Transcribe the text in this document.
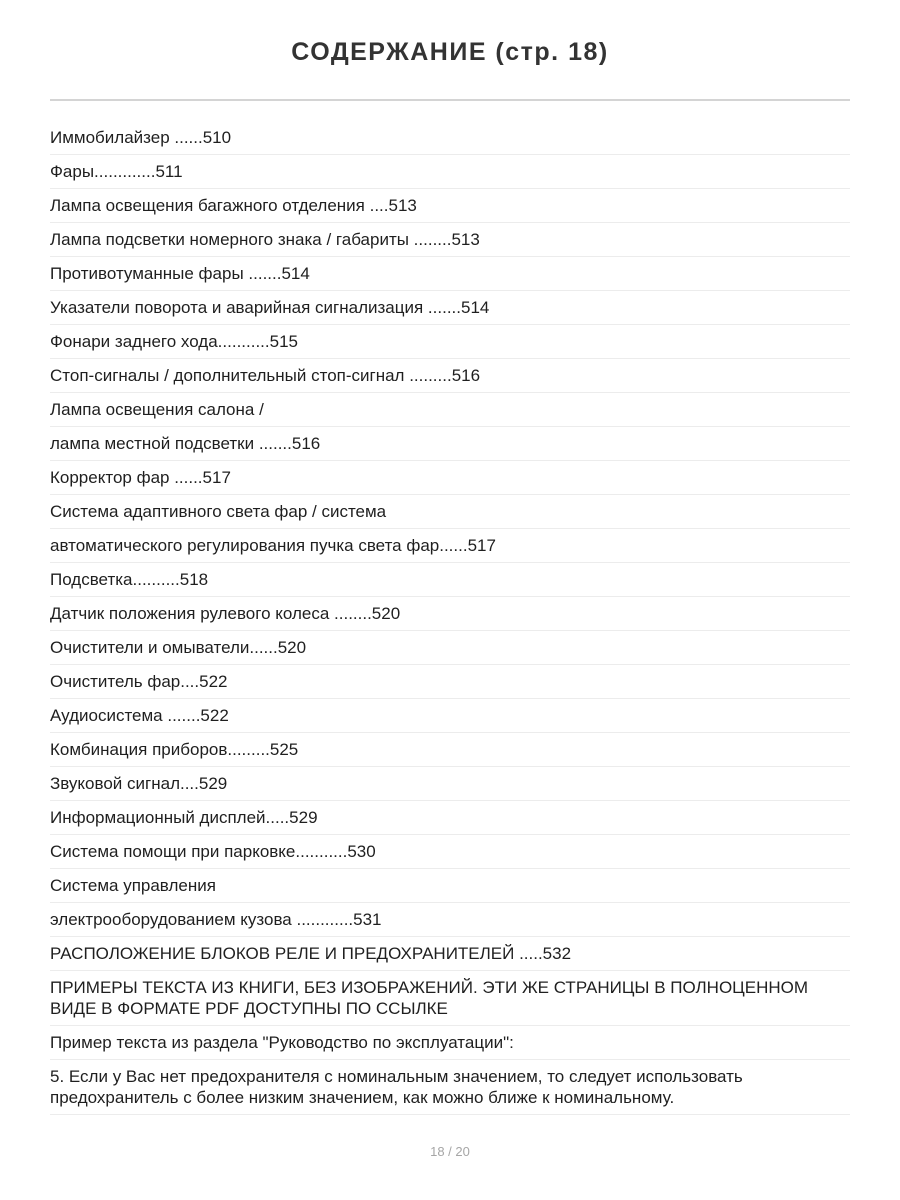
СОДЕРЖАНИЕ (стр. 18)
Иммобилайзер ......510
Фары.............511
Лампа освещения багажного отделения ....513
Лампа подсветки номерного знака / габариты ........513
Противотуманные фары .......514
Указатели поворота и аварийная сигнализация .......514
Фонари заднего хода...........515
Стоп-сигналы / дополнительный стоп-сигнал .........516
Лампа освещения салона /
лампа местной подсветки .......516
Корректор фар ......517
Система адаптивного света фар / система
автоматического регулирования пучка света фар......517
Подсветка..........518
Датчик положения рулевого колеса ........520
Очистители и омыватели......520
Очиститель фар....522
Аудиосистема .......522
Комбинация приборов.........525
Звуковой сигнал....529
Информационный дисплей.....529
Система помощи при парковке...........530
Система управления
электрооборудованием кузова ............531
РАСПОЛОЖЕНИЕ БЛОКОВ РЕЛЕ И ПРЕДОХРАНИТЕЛЕЙ .....532
ПРИМЕРЫ ТЕКСТА ИЗ КНИГИ, БЕЗ ИЗОБРАЖЕНИЙ. ЭТИ ЖЕ СТРАНИЦЫ В ПОЛНОЦЕННОМ ВИДЕ В ФОРМАТЕ PDF ДОСТУПНЫ ПО ССЫЛКЕ
Пример текста из раздела "Руководство по эксплуатации":
5. Если у Вас нет предохранителя с номинальным значением, то следует использовать предохранитель с более низким значением, как можно ближе к номинальному.
18 / 20
